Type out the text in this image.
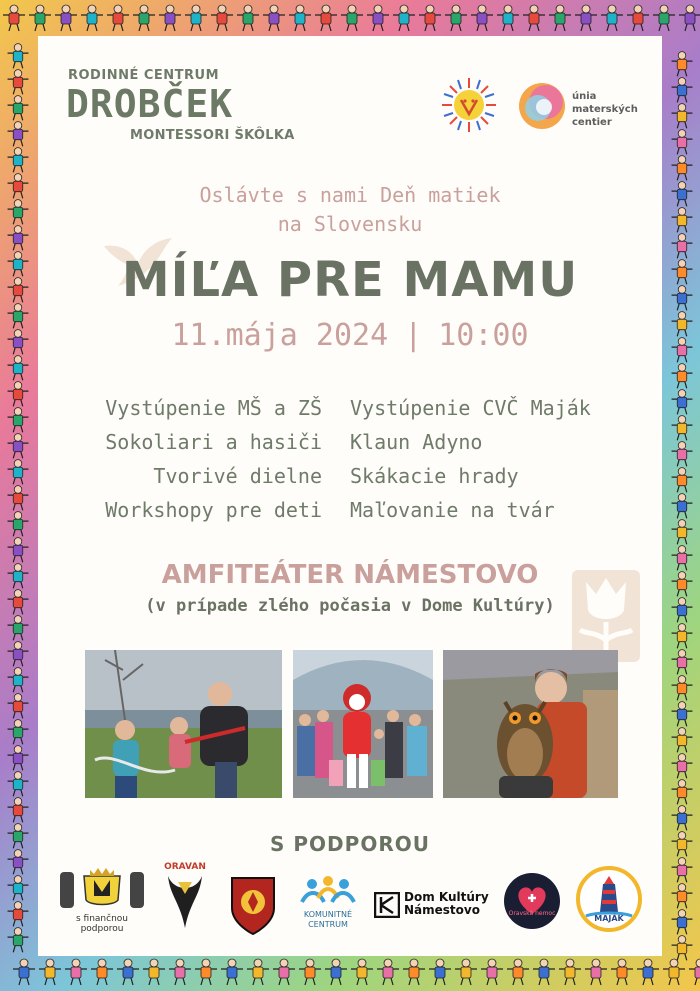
RODINNÉ CENTRUM
DROBČEK
MONTESSORI ŠKÔLKA
únia
materských
centier
Oslávte s nami Deň matiek
na Slovensku
MÍĽA PRE MAMU
11.mája 2024 | 10:00
Vystúpenie MŠ a ZŠ
Sokoliari a hasiči
Tvorivé dielne
Workshopy pre deti
Vystúpenie CVČ Maják
Klaun Adyno
Skákacie hrady
Maľovanie na tvár
AMFITEÁTER NÁMESTOVO
(v prípade zlého počasia v Dome Kultúry)
S PODPOROU
s finančnou podporou
ORAVAN
KOMUNITNÉ
CENTRUM
Dom Kultúry
Námestovo	Oravská nemoc
MAJÁK
